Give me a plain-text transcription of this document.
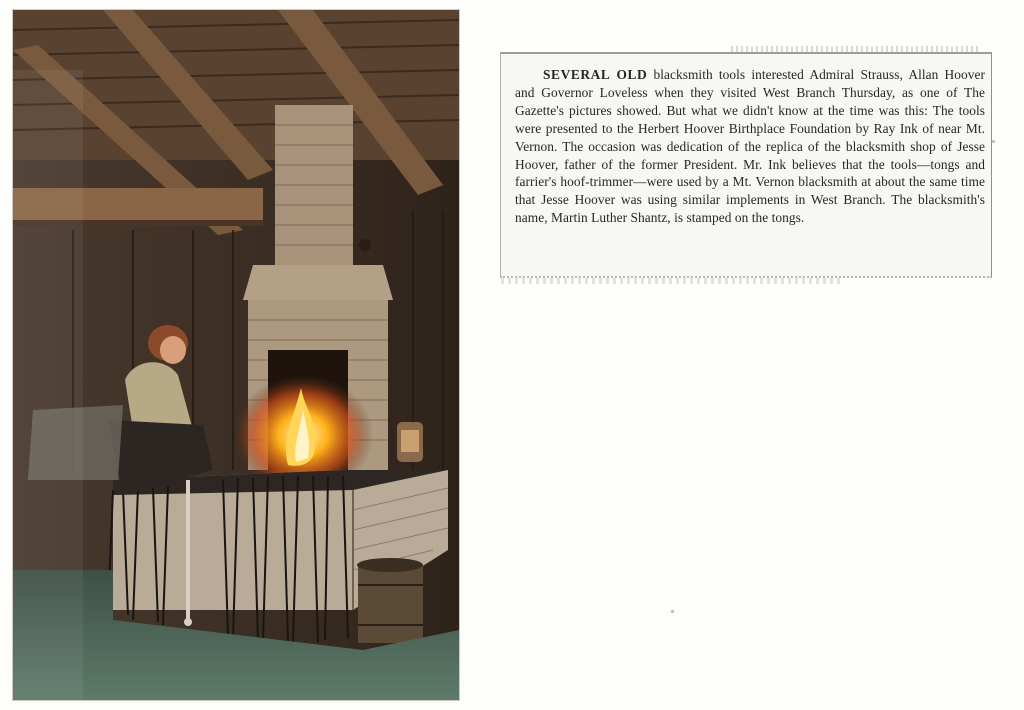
SEVERAL OLD blacksmith tools interested Admiral Strauss, Allan Hoover and Governor Loveless when they visited West Branch Thursday, as one of The Gazette's pictures showed. But what we didn't know at the time was this: The tools were presented to the Herbert Hoover Birthplace Foundation by Ray Ink of near Mt. Vernon. The occasion was dedication of the replica of the blacksmith shop of Jesse Hoover, father of the former President. Mr. Ink believes that the tools—tongs and farrier's hoof-trimmer—were used by a Mt. Vernon blacksmith at about the same time that Jesse Hoover was using similar implements in West Branch. The blacksmith's name, Martin Luther Shantz, is stamped on the tongs.
